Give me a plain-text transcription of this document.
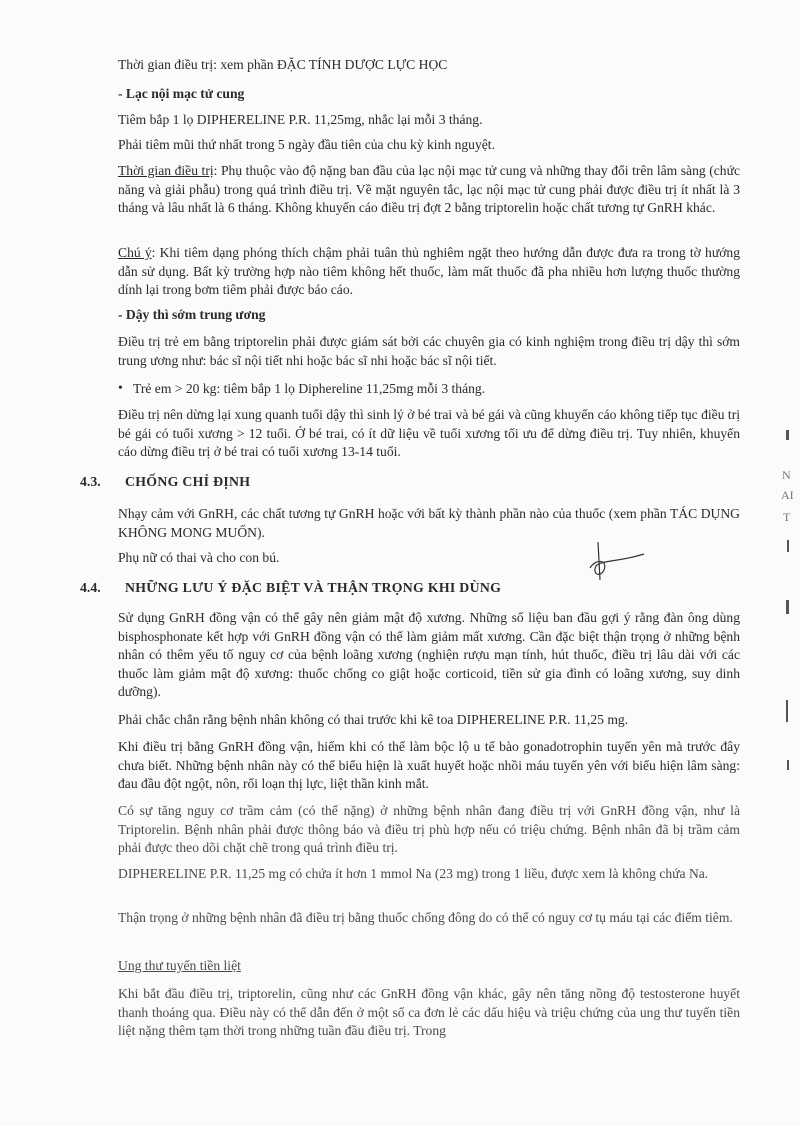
Thời gian điều trị: xem phần ĐẶC TÍNH DƯỢC LỰC HỌC

- Lạc nội mạc tử cung

Tiêm bắp 1 lọ DIPHERELINE P.R. 11,25mg, nhắc lại mỗi 3 tháng.

Phải tiêm mũi thứ nhất trong 5 ngày đầu tiên của chu kỳ kinh nguyệt.

Thời gian điều trị: Phụ thuộc vào độ nặng ban đầu của lạc nội mạc tử cung và những thay đổi trên lâm sàng (chức năng và giải phẫu) trong quá trình điều trị. Về mặt nguyên tắc, lạc nội mạc tử cung phải được điều trị ít nhất là 3 tháng và lâu nhất là 6 tháng. Không khuyến cáo điều trị đợt 2 bằng triptorelin hoặc chất tương tự GnRH khác.

Chú ý: Khi tiêm dạng phóng thích chậm phải tuân thủ nghiêm ngặt theo hướng dẫn được đưa ra trong tờ hướng dẫn sử dụng. Bất kỳ trường hợp nào tiêm không hết thuốc, làm mất thuốc đã pha nhiều hơn lượng thuốc thường dính lại trong bơm tiêm phải được báo cáo.

- Dậy thì sớm trung ương

Điều trị trẻ em bằng triptorelin phải được giám sát bởi các chuyên gia có kinh nghiệm trong điều trị dậy thì sớm trung ương như: bác sĩ nội tiết nhi hoặc bác sĩ nhi hoặc bác sĩ nội tiết.

• Trẻ em > 20 kg: tiêm bắp 1 lọ Diphereline 11,25mg mỗi 3 tháng.

Điều trị nên dừng lại xung quanh tuổi dậy thì sinh lý ở bé trai và bé gái và cũng khuyến cáo không tiếp tục điều trị bé gái có tuổi xương > 12 tuổi. Ở bé trai, có ít dữ liệu về tuổi xương tối ưu để dừng điều trị. Tuy nhiên, khuyến cáo dừng điều trị ở bé trai có tuổi xương 13-14 tuổi.

4.3. CHỐNG CHỈ ĐỊNH

Nhạy cảm với GnRH, các chất tương tự GnRH hoặc với bất kỳ thành phần nào của thuốc (xem phần TÁC DỤNG KHÔNG MONG MUỐN).

Phụ nữ có thai và cho con bú.

4.4. NHỮNG LƯU Ý ĐẶC BIỆT VÀ THẬN TRỌNG KHI DÙNG

Sử dụng GnRH đồng vận có thể gây nên giảm mật độ xương. Những số liệu ban đầu gợi ý rằng đàn ông dùng bisphosphonate kết hợp với GnRH đồng vận có thể làm giảm mất xương. Cần đặc biệt thận trọng ở những bệnh nhân có thêm yếu tố nguy cơ của bệnh loãng xương (nghiện rượu mạn tính, hút thuốc, điều trị lâu dài với các thuốc làm giảm mật độ xương: thuốc chống co giật hoặc corticoid, tiền sử gia đình có loãng xương, suy dinh dưỡng).

Phải chắc chắn rằng bệnh nhân không có thai trước khi kê toa DIPHERELINE P.R. 11,25 mg.

Khi điều trị bằng GnRH đồng vận, hiếm khi có thể làm bộc lộ u tế bào gonadotrophin tuyến yên mà trước đây chưa biết. Những bệnh nhân này có thể biểu hiện là xuất huyết hoặc nhồi máu tuyến yên với biểu hiện lâm sàng: đau đầu đột ngột, nôn, rối loạn thị lực, liệt thần kinh mắt.

Có sự tăng nguy cơ trầm cảm (có thể nặng) ở những bệnh nhân đang điều trị với GnRH đồng vận, như là Triptorelin. Bệnh nhân phải được thông báo và điều trị phù hợp nếu có triệu chứng. Bệnh nhân đã bị trầm cảm phải được theo dõi chặt chẽ trong quá trình điều trị.

DIPHERELINE P.R. 11,25 mg có chứa ít hơn 1 mmol Na (23 mg) trong 1 liều, được xem là không chứa Na.

Thận trọng ở những bệnh nhân đã điều trị bằng thuốc chống đông do có thể có nguy cơ tụ máu tại các điểm tiêm.

Ung thư tuyến tiền liệt

Khi bắt đầu điều trị, triptorelin, cũng như các GnRH đồng vận khác, gây nên tăng nồng độ testosterone huyết thanh thoáng qua. Điều này có thể dẫn đến ở một số ca đơn lẻ các dấu hiệu và triệu chứng của ung thư tuyến tiền liệt nặng thêm tạm thời trong những tuần đầu điều trị. Trong

N
AI
T
